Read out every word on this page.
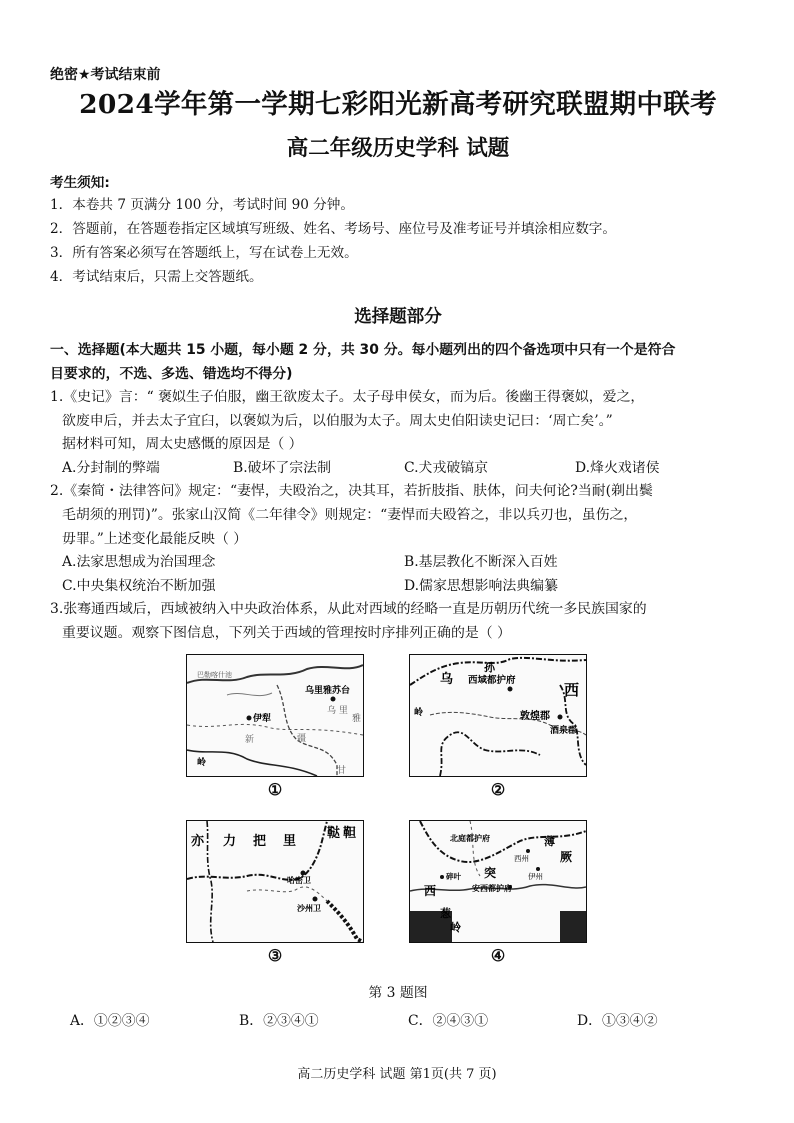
绝密★考试结束前
2024学年第一学期七彩阳光新高考研究联盟期中联考
高二年级历史学科 试题
考生须知:
1．本卷共 7 页满分 100 分，考试时间 90 分钟。
2．答题前，在答题卷指定区域填写班级、姓名、考场号、座位号及准考证号并填涂相应数字。
3．所有答案必须写在答题纸上，写在试卷上无效。
4．考试结束后，只需上交答题纸。
选择题部分
一、选择题(本大题共 15 小题，每小题 2 分，共 30 分。每小题列出的四个备选项中只有一个是符合
目要求的，不选、多选、错选均不得分)
1.《史记》言：“ 褒姒生子伯服，幽王欲废太子。太子母申侯女，而为后。後幽王得褒姒，爱之，
欲废申后，并去太子宜臼，以褒姒为后，以伯服为太子。周太史伯阳读史记曰：‘周亡矣’。”
据材料可知，周太史感慨的原因是（ ）
A.分封制的弊端	B.破坏了宗法制	C.犬戎破镐京	D.烽火戏诸侯
2.《秦简・法律答问》规定：“妻悍，夫殴治之，决其耳，若折肢指、肤体，问夫何论?当耐(剃出鬓
毛胡须的刑罚)”。张家山汉简《二年律令》则规定：“妻悍而夫殴笞之，非以兵刃也，虽伤之，
毋罪。”上述变化最能反映（ ）
A.法家思想成为治国理念	B.基层教化不断深入百姓
C.中央集权统治不断加强	D.儒家思想影响法典编纂
3.张骞通西域后，西域被纳入中央政治体系，从此对西域的经略一直是历朝历代统一多民族国家的
重要议题。观察下图信息，下列关于西域的管理按时序排列正确的是（ ）
巴勒喀什池
乌里雅苏台
乌 里
雅
伊犁
新	疆
岭
甘
①
乌
孙
西域都护府
西
岭	敦煌郡
酒泉郡
②
亦 力 把 里
鞑 靼
哈密卫
沙州卫
③
北庭都护府
突
厥
西
碎叶
安西都护府
葱
岭
伊州
薄
西州
④
第 3 题图
A．①②③④	B．②③④①	C．②④③①	D．①③④②
高二历史学科 试题 第1页(共 7 页)
